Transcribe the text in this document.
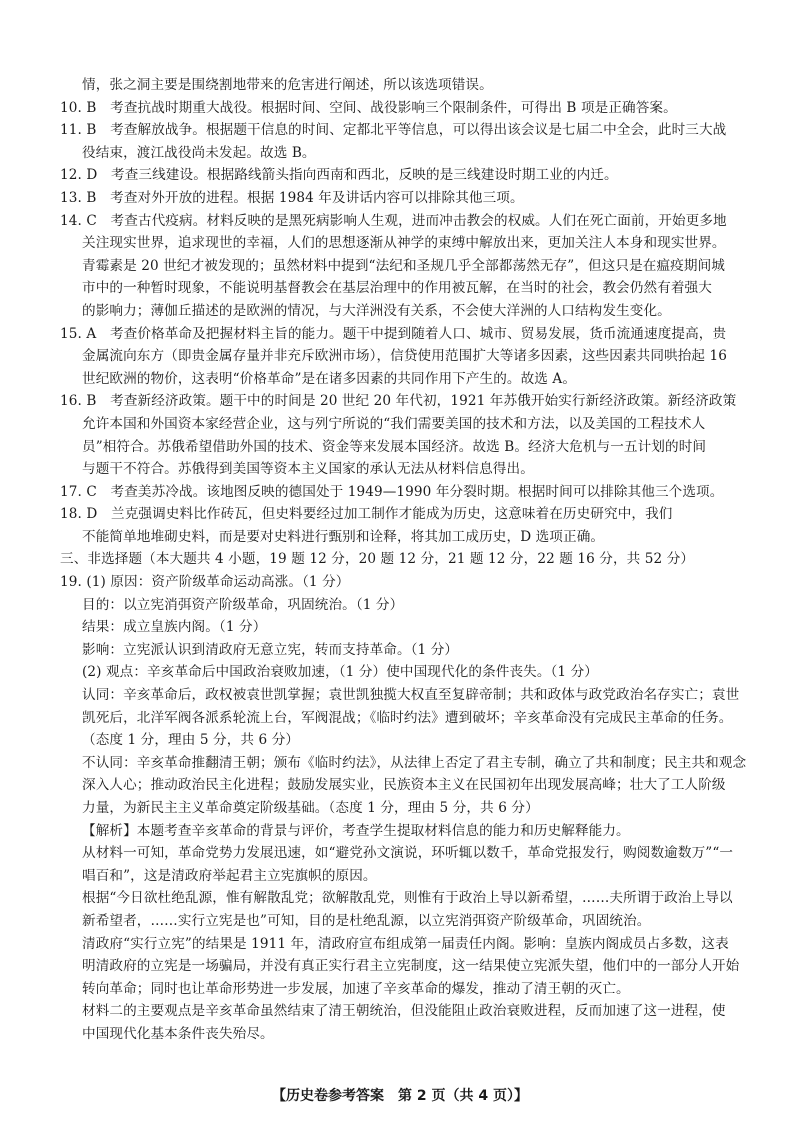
情，张之洞主要是围绕割地带来的危害进行阐述，所以该选项错误。
10. B　考查抗战时期重大战役。根据时间、空间、战役影响三个限制条件，可得出 B 项是正确答案。
11. B　考查解放战争。根据题干信息的时间、定都北平等信息，可以得出该会议是七届二中全会，此时三大战
役结束，渡江战役尚未发起。故选 B。
12. D　考查三线建设。根据路线箭头指向西南和西北，反映的是三线建设时期工业的内迁。
13. B　考查对外开放的进程。根据 1984 年及讲话内容可以排除其他三项。
14. C　考查古代疫病。材料反映的是黑死病影响人生观，进而冲击教会的权威。人们在死亡面前，开始更多地
关注现实世界，追求现世的幸福，人们的思想逐渐从神学的束缚中解放出来，更加关注人本身和现实世界。
青霉素是 20 世纪才被发现的；虽然材料中提到“法纪和圣规几乎全部都荡然无存”，但这只是在瘟疫期间城
市中的一种暂时现象，不能说明基督教会在基层治理中的作用被瓦解，在当时的社会，教会仍然有着强大
的影响力；薄伽丘描述的是欧洲的情况，与大洋洲没有关系，不会使大洋洲的人口结构发生变化。
15. A　考查价格革命及把握材料主旨的能力。题干中提到随着人口、城市、贸易发展，货币流通速度提高，贵
金属流向东方（即贵金属存量并非充斥欧洲市场），信贷使用范围扩大等诸多因素，这些因素共同哄抬起 16
世纪欧洲的物价，这表明“价格革命”是在诸多因素的共同作用下产生的。故选 A。
16. B　考查新经济政策。题干中的时间是 20 世纪 20 年代初，1921 年苏俄开始实行新经济政策。新经济政策
允许本国和外国资本家经营企业，这与列宁所说的“我们需要美国的技术和方法，以及美国的工程技术人
员”相符合。苏俄希望借助外国的技术、资金等来发展本国经济。故选 B。经济大危机与一五计划的时间
与题干不符合。苏俄得到美国等资本主义国家的承认无法从材料信息得出。
17. C　考查美苏冷战。该地图反映的德国处于 1949—1990 年分裂时期。根据时间可以排除其他三个选项。
18. D　兰克强调史料比作砖瓦，但史料要经过加工制作才能成为历史，这意味着在历史研究中，我们
不能简单地堆砌史料，而是要对史料进行甄别和诠释，将其加工成历史，D 选项正确。
三、非选择题（本大题共 4 小题，19 题 12 分，20 题 12 分，21 题 12 分，22 题 16 分，共 52 分）
19. (1) 原因：资产阶级革命运动高涨。（1 分）
目的：以立宪消弭资产阶级革命，巩固统治。（1 分）
结果：成立皇族内阁。（1 分）
影响：立宪派认识到清政府无意立宪，转而支持革命。（1 分）
(2) 观点：辛亥革命后中国政治衰败加速，（1 分）使中国现代化的条件丧失。（1 分）
认同：辛亥革命后，政权被袁世凯掌握；袁世凯独揽大权直至复辟帝制；共和政体与政党政治名存实亡；袁世
凯死后，北洋军阀各派系轮流上台，军阀混战；《临时约法》遭到破坏；辛亥革命没有完成民主革命的任务。
（态度 1 分，理由 5 分，共 6 分）
不认同：辛亥革命推翻清王朝；颁布《临时约法》，从法律上否定了君主专制，确立了共和制度；民主共和观念
深入人心；推动政治民主化进程；鼓励发展实业，民族资本主义在民国初年出现发展高峰；壮大了工人阶级
力量，为新民主主义革命奠定阶级基础。（态度 1 分，理由 5 分，共 6 分）
【解析】本题考查辛亥革命的背景与评价，考查学生提取材料信息的能力和历史解释能力。
从材料一可知，革命党势力发展迅速，如“避党孙文演说，环听辄以数千，革命党报发行，购阅数逾数万”“一
唱百和”，这是清政府举起君主立宪旗帜的原因。
根据“今日欲杜绝乱源，惟有解散乱党；欲解散乱党，则惟有于政治上导以新希望，……夫所谓于政治上导以
新希望者，……实行立宪是也”可知，目的是杜绝乱源，以立宪消弭资产阶级革命，巩固统治。
清政府“实行立宪”的结果是 1911 年，清政府宣布组成第一届责任内阁。影响：皇族内阁成员占多数，这表
明清政府的立宪是一场骗局，并没有真正实行君主立宪制度，这一结果使立宪派失望，他们中的一部分人开始
转向革命；同时也让革命形势进一步发展，加速了辛亥革命的爆发，推动了清王朝的灭亡。
材料二的主要观点是辛亥革命虽然结束了清王朝统治，但没能阻止政治衰败进程，反而加速了这一进程，使
中国现代化基本条件丧失殆尽。
【历史卷参考答案　第 2 页（共 4 页）】
